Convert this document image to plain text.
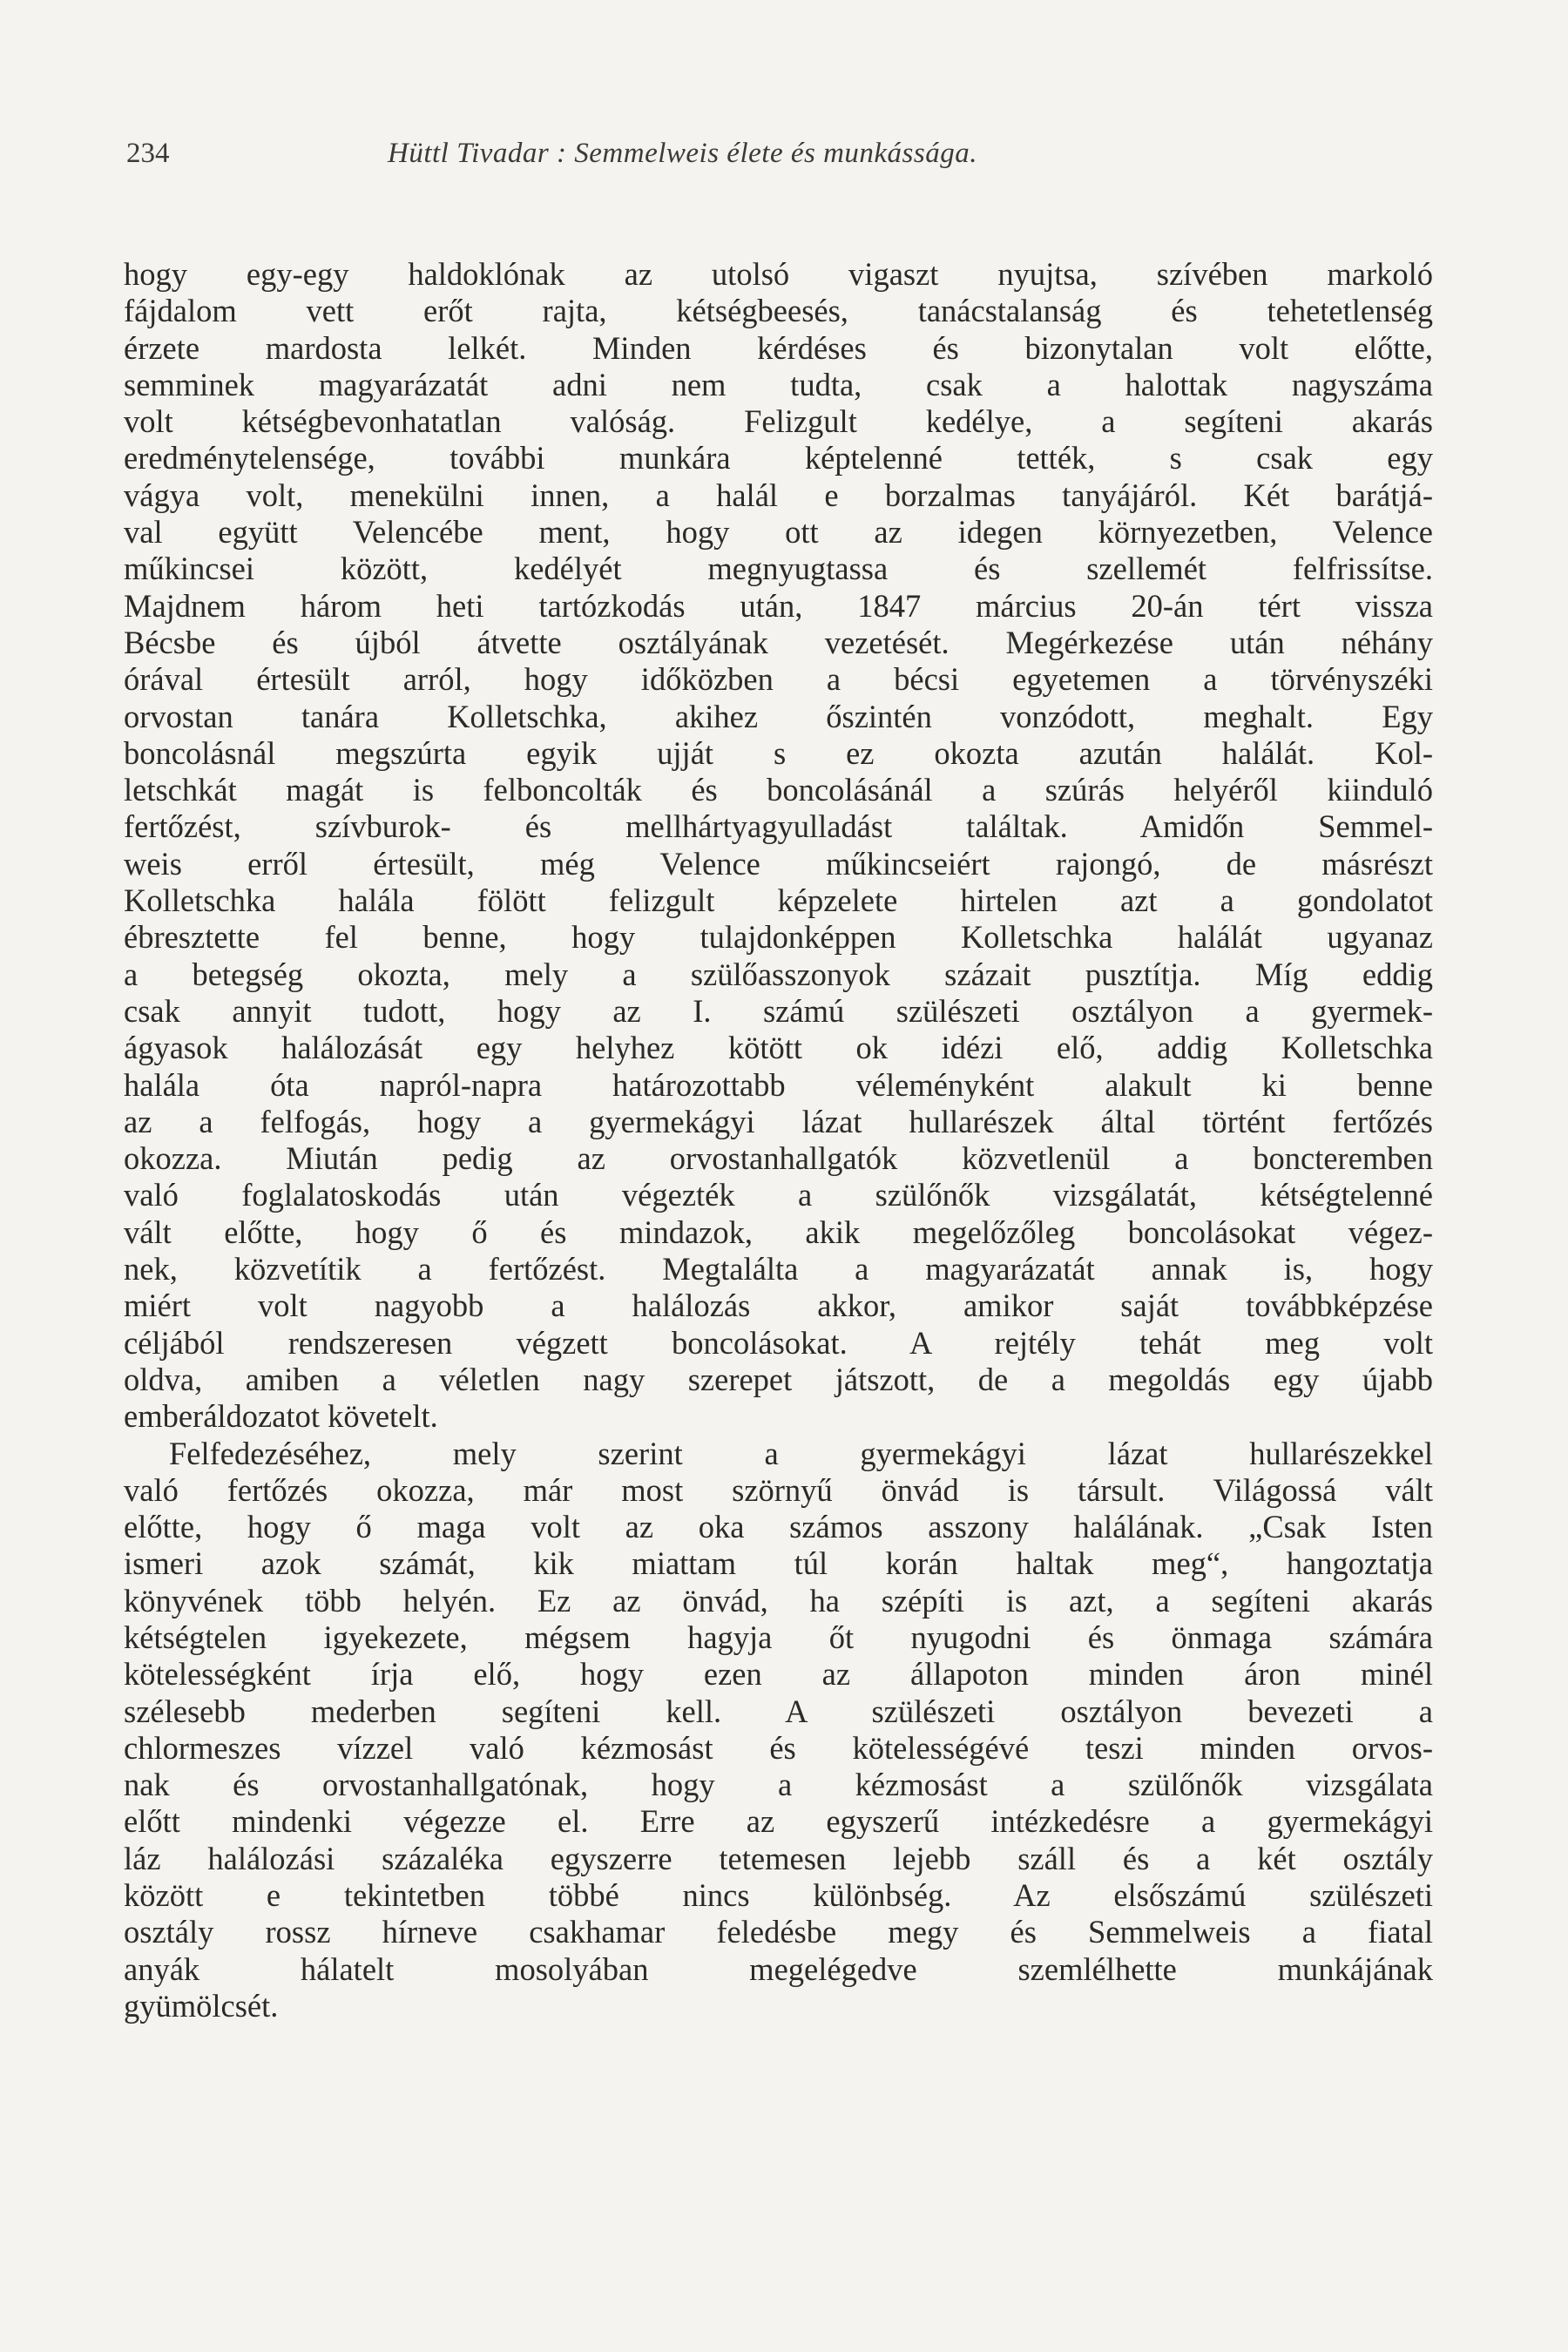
234	Hüttl Tivadar : Semmelweis élete és munkássága.
hogy egy-egy haldoklónak az utolsó vigaszt nyujtsa, szívében markoló
fájdalom vett erőt rajta, kétségbeesés, tanácstalanság és tehetetlenség
érzete mardosta lelkét. Minden kérdéses és bizonytalan volt előtte,
semminek magyarázatát adni nem tudta, csak a halottak nagyszáma
volt kétségbevonhatatlan valóság. Felizgult kedélye, a segíteni akarás
eredménytelensége, további munkára képtelenné tették, s csak egy
vágya volt, menekülni innen, a halál e borzalmas tanyájáról. Két barátjá-
val együtt Velencébe ment, hogy ott az idegen környezetben, Velence
műkincsei között, kedélyét megnyugtassa és szellemét felfrissítse.
Majdnem három heti tartózkodás után, 1847 március 20-án tért vissza
Bécsbe és újból átvette osztályának vezetését. Megérkezése után néhány
órával értesült arról, hogy időközben a bécsi egyetemen a törvényszéki
orvostan tanára Kolletschka, akihez őszintén vonzódott, meghalt. Egy
boncolásnál megszúrta egyik ujját s ez okozta azután halálát. Kol-
letschkát magát is felboncolták és boncolásánál a szúrás helyéről kiinduló
fertőzést, szívburok- és mellhártyagyulladást találtak. Amidőn Semmel-
weis erről értesült, még Velence műkincseiért rajongó, de másrészt
Kolletschka halála fölött felizgult képzelete hirtelen azt a gondolatot
ébresztette fel benne, hogy tulajdonképpen Kolletschka halálát ugyanaz
a betegség okozta, mely a szülőasszonyok százait pusztítja. Míg eddig
csak annyit tudott, hogy az I. számú szülészeti osztályon a gyermek-
ágyasok halálozását egy helyhez kötött ok idézi elő, addig Kolletschka
halála óta napról-napra határozottabb véleményként alakult ki benne
az a felfogás, hogy a gyermekágyi lázat hullarészek által történt fertőzés
okozza. Miután pedig az orvostanhallgatók közvetlenül a boncteremben
való foglalatoskodás után végezték a szülőnők vizsgálatát, kétségtelenné
vált előtte, hogy ő és mindazok, akik megelőzőleg boncolásokat végez-
nek, közvetítik a fertőzést. Megtalálta a magyarázatát annak is, hogy
miért volt nagyobb a halálozás akkor, amikor saját továbbképzése
céljából rendszeresen végzett boncolásokat. A rejtély tehát meg volt
oldva, amiben a véletlen nagy szerepet játszott, de a megoldás egy újabb
emberáldozatot követelt.
Felfedezéséhez, mely szerint a gyermekágyi lázat hullarészekkel
való fertőzés okozza, már most szörnyű önvád is társult. Világossá vált
előtte, hogy ő maga volt az oka számos asszony halálának. „Csak Isten
ismeri azok számát, kik miattam túl korán haltak meg“, hangoztatja
könyvének több helyén. Ez az önvád, ha szépíti is azt, a segíteni akarás
kétségtelen igyekezete, mégsem hagyja őt nyugodni és önmaga számára
kötelességként írja elő, hogy ezen az állapoton minden áron minél
szélesebb mederben segíteni kell. A szülészeti osztályon bevezeti a
chlormeszes vízzel való kézmosást és kötelességévé teszi minden orvos-
nak és orvostanhallgatónak, hogy a kézmosást a szülőnők vizsgálata
előtt mindenki végezze el. Erre az egyszerű intézkedésre a gyermekágyi
láz halálozási százaléka egyszerre tetemesen lejebb száll és a két osztály
között e tekintetben többé nincs különbség. Az elsőszámú szülészeti
osztály rossz hírneve csakhamar feledésbe megy és Semmelweis a fiatal
anyák hálatelt mosolyában megelégedve szemlélhette munkájának
gyümölcsét.
